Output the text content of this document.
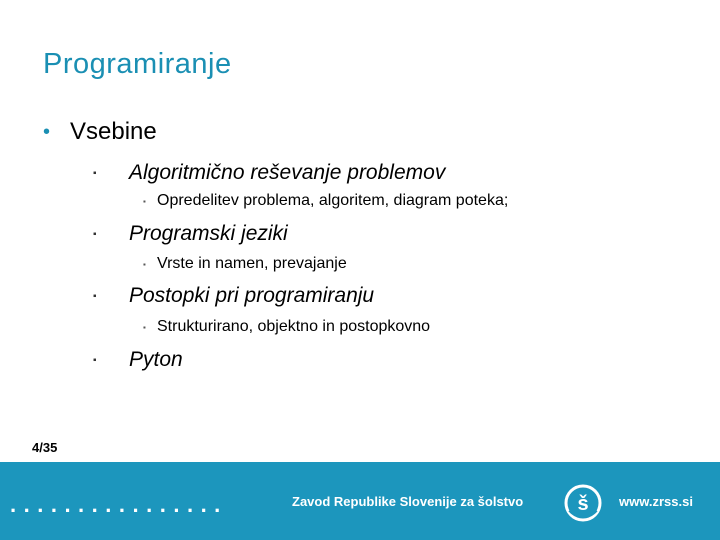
Programiranje
• Vsebine
▪	Algoritmično reševanje problemov
▪ Opredelitev problema, algoritem, diagram poteka;
▪	Programski jeziki
▪ Vrste in namen, prevajanje
▪	Postopki pri programiranju
▪ Strukturirano, objektno in postopkovno
▪	Pyton
4/35
................	Zavod Republike Slovenije za šolstvo	š www.zrss.si
